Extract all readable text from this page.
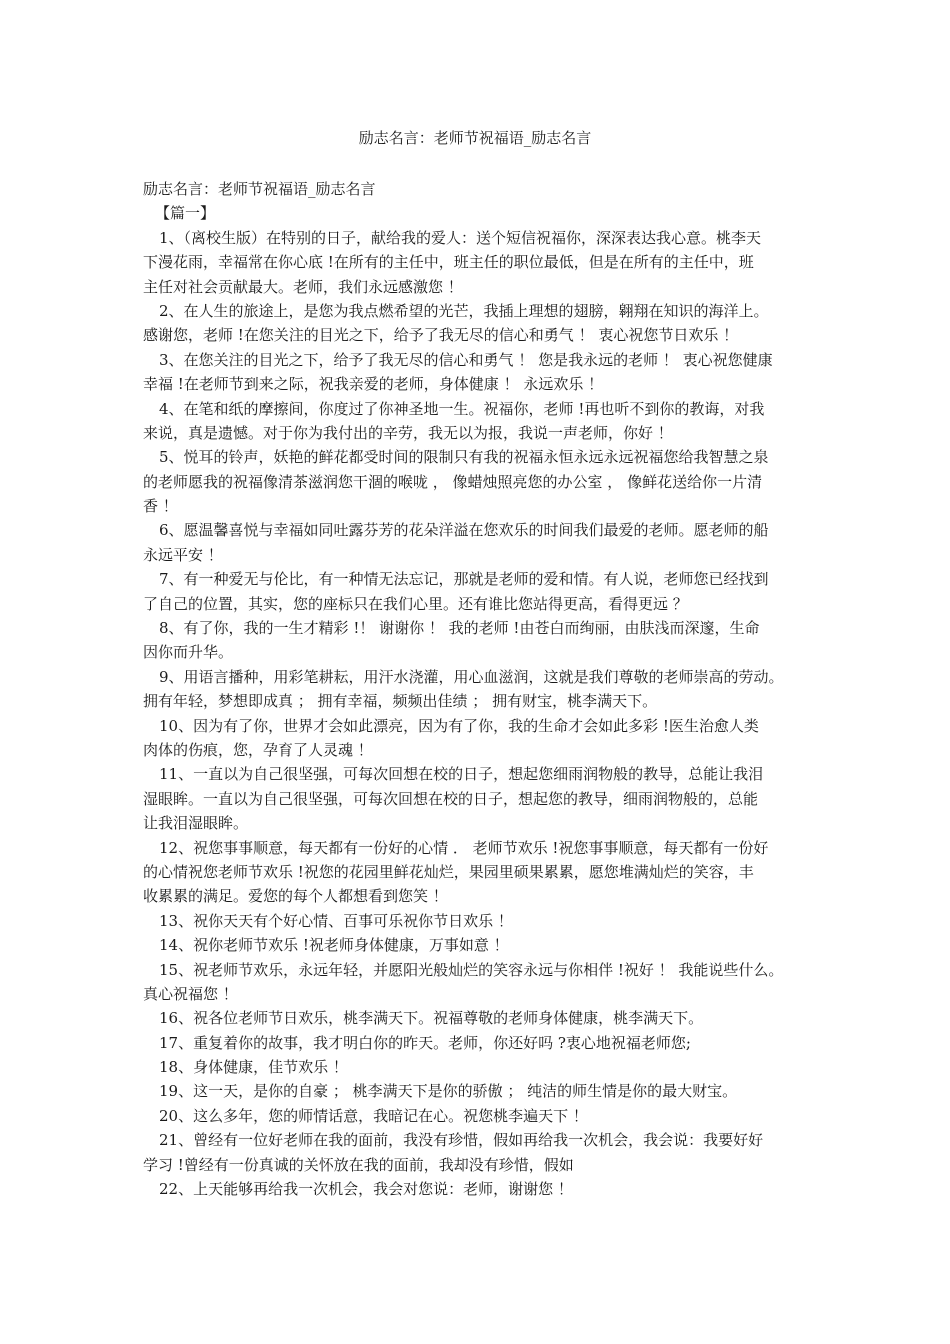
励志名言：老师节祝福语_励志名言
励志名言：老师节祝福语_励志名言
【篇一】
1、（离校生版）在特别的日子，献给我的爱人：送个短信祝福你，深深表达我心意。桃李天
下漫花雨，幸福常在你心底 !在所有的主任中，班主任的职位最低，但是在所有的主任中，班
主任对社会贡献最大。老师，我们永远感激您 ！
2、在人生的旅途上，是您为我点燃希望的光芒，我插上理想的翅膀，翱翔在知识的海洋上。
感谢您，老师 !在您关注的目光之下，给予了我无尽的信心和勇气 ！ 衷心祝您节日欢乐 ！
3、在您关注的目光之下，给予了我无尽的信心和勇气 ！ 您是我永远的老师 ！ 衷心祝您健康
幸福 !在老师节到来之际，祝我亲爱的老师，身体健康 ！ 永远欢乐 ！
4、在笔和纸的摩擦间，你度过了你神圣地一生。祝福你，老师 !再也听不到你的教诲，对我
来说，真是遗憾。对于你为我付出的辛劳，我无以为报，我说一声老师，你好 ！
5、悦耳的铃声，妖艳的鲜花都受时间的限制只有我的祝福永恒永远永远祝福您给我智慧之泉
的老师愿我的祝福像清茶滋润您干涸的喉咙 ， 像蜡烛照亮您的办公室 ， 像鲜花送给你一片清
香 ！
6、愿温馨喜悦与幸福如同吐露芬芳的花朵洋溢在您欢乐的时间我们最爱的老师。愿老师的船
永远平安 ！
7、有一种爱无与伦比，有一种情无法忘记，那就是老师的爱和情。有人说，老师您已经找到
了自己的位置，其实，您的座标只在我们心里。还有谁比您站得更高，看得更远 ？
8、有了你，我的一生才精彩 !！ 谢谢你 ！ 我的老师 !由苍白而绚丽，由肤浅而深邃，生命
因你而升华。
9、用语言播种，用彩笔耕耘，用汗水浇灌，用心血滋润，这就是我们尊敬的老师崇高的劳动。
拥有年轻，梦想即成真 ； 拥有幸福，频频出佳绩 ； 拥有财宝，桃李满天下。
10、因为有了你，世界才会如此漂亮，因为有了你，我的生命才会如此多彩 !医生治愈人类
肉体的伤痕，您，孕育了人灵魂 ！
11、一直以为自己很坚强，可每次回想在校的日子，想起您细雨润物般的教导，总能让我泪
湿眼眸。一直以为自己很坚强，可每次回想在校的日子，想起您的教导，细雨润物般的，总能
让我泪湿眼眸。
12、祝您事事顺意，每天都有一份好的心情 ． 老师节欢乐 !祝您事事顺意，每天都有一份好
的心情祝您老师节欢乐 !祝您的花园里鲜花灿烂，果园里硕果累累，愿您堆满灿烂的笑容，丰
收累累的满足。爱您的每个人都想看到您笑 ！
13、祝你天天有个好心情、百事可乐祝你节日欢乐 ！
14、祝你老师节欢乐 !祝老师身体健康，万事如意 ！
15、祝老师节欢乐，永远年轻，并愿阳光般灿烂的笑容永远与你相伴 !祝好 ！ 我能说些什么。
真心祝福您 ！
16、祝各位老师节日欢乐，桃李满天下。祝福尊敬的老师身体健康，桃李满天下。
17、重复着你的故事，我才明白你的昨天。老师，你还好吗 ?衷心地祝福老师您;
18、身体健康，佳节欢乐 ！
19、这一天，是你的自豪 ； 桃李满天下是你的骄傲 ； 纯洁的师生情是你的最大财宝。
20、这么多年，您的师情话意，我暗记在心。祝您桃李遍天下 ！
21、曾经有一位好老师在我的面前，我没有珍惜，假如再给我一次机会，我会说：我要好好
学习 !曾经有一份真诚的关怀放在我的面前，我却没有珍惜，假如
22、上天能够再给我一次机会，我会对您说：老师，谢谢您 ！
